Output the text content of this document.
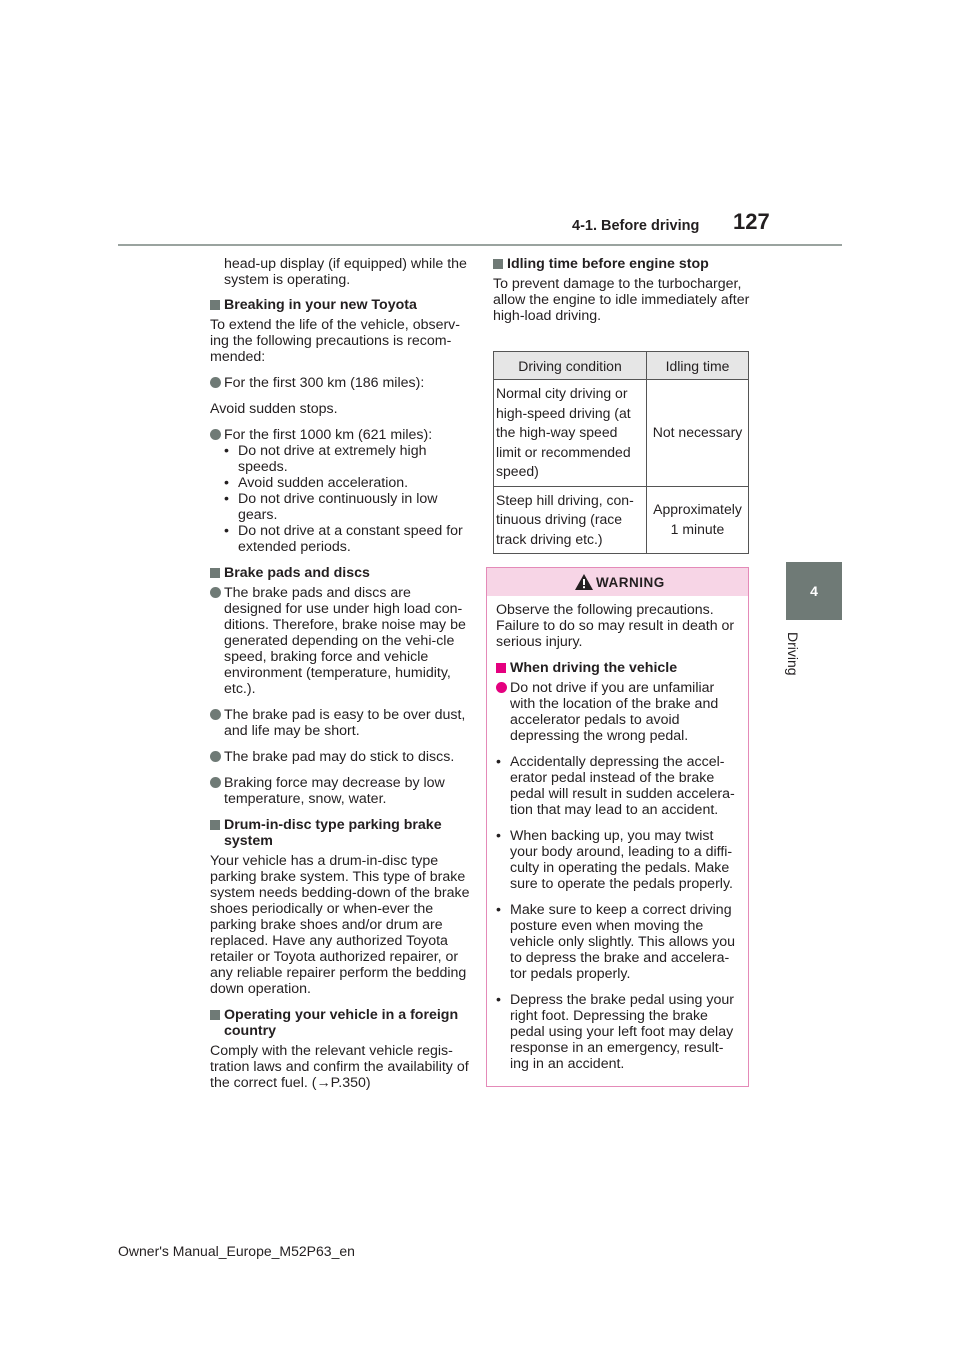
4-1. Before driving 127
4
Driving

head-up display (if equipped) while the system is operating.

Breaking in your new Toyota

To extend the life of the vehicle, observ-ing the following precautions is recom-mended:

For the first 300 km (186 miles):

Avoid sudden stops.

For the first 1000 km (621 miles):
• Do not drive at extremely high speeds.
• Avoid sudden acceleration.
• Do not drive continuously in low gears.
• Do not drive at a constant speed for extended periods.
Brake pads and discs
The brake pads and discs are designed for use under high load con-ditions. Therefore, brake noise may be generated depending on the vehi-cle speed, braking force and vehicle environment (temperature, humidity, etc.).
The brake pad is easy to be over dust, and life may be short.
The brake pad may do stick to discs.
Braking force may decrease by low temperature, snow, water.
Drum-in-disc type parking brake system

Your vehicle has a drum-in-disc type parking brake system. This type of brake system needs bedding-down of the brake shoes periodically or when-ever the parking brake shoes and/or drum are replaced. Have any authorized Toyota retailer or Toyota authorized repairer, or any reliable repairer perform the bedding down operation.

Operating your vehicle in a foreign country

Comply with the relevant vehicle regis-tration laws and confirm the availability of the correct fuel. (→P.350)

Idling time before engine stop

To prevent damage to the turbocharger, allow the engine to idle immediately after high-load driving.

Driving condition	Idling time
Normal city driving or high-speed driving (at the high-way speed limit or recommended speed)	Not necessary
Steep hill driving, con-tinuous driving (race track driving etc.)	Approximately 1 minute
WARNING

Observe the following precautions. Failure to do so may result in death or serious injury.

When driving the vehicle
Do not drive if you are unfamiliar with the location of the brake and accelerator pedals to avoid depressing the wrong pedal.
• Accidentally depressing the accel-erator pedal instead of the brake pedal will result in sudden accelera-tion that may lead to an accident.
• When backing up, you may twist your body around, leading to a diffi-culty in operating the pedals. Make sure to operate the pedals properly.
• Make sure to keep a correct driving posture even when moving the vehicle only slightly. This allows you to depress the brake and accelera-tor pedals properly.
• Depress the brake pedal using your right foot. Depressing the brake pedal using your left foot may delay response in an emergency, result-ing in an accident.
Owner's Manual_Europe_M52P63_en
